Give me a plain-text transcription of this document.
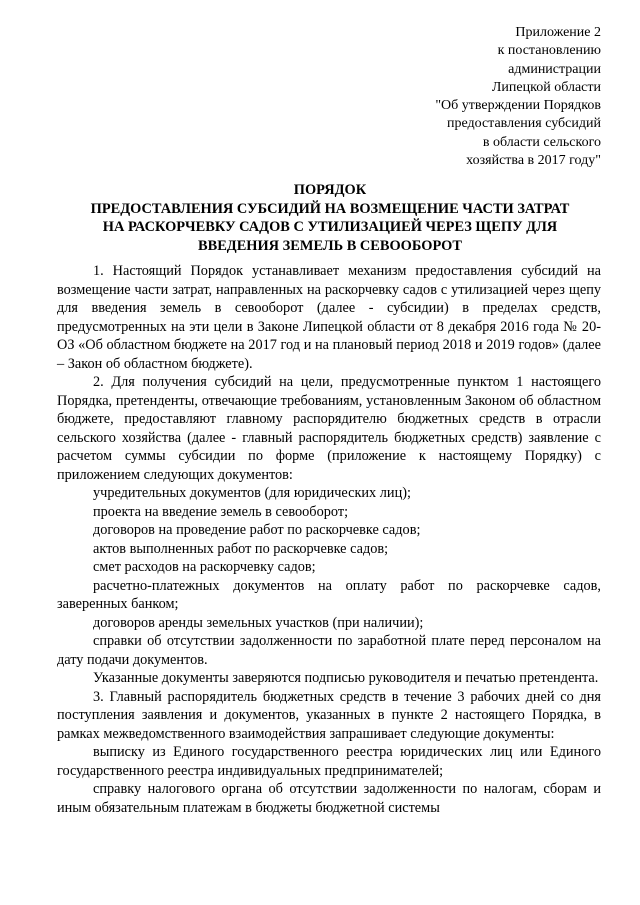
Приложение 2
к постановлению
администрации
Липецкой области
"Об утверждении Порядков
предоставления субсидий
в области сельского
хозяйства в 2017 году"
ПОРЯДОК
ПРЕДОСТАВЛЕНИЯ СУБСИДИЙ НА ВОЗМЕЩЕНИЕ ЧАСТИ ЗАТРАТ
НА РАСКОРЧЕВКУ САДОВ С УТИЛИЗАЦИЕЙ ЧЕРЕЗ ЩЕПУ ДЛЯ
ВВЕДЕНИЯ ЗЕМЕЛЬ В СЕВООБОРОТ

1. Настоящий Порядок устанавливает механизм предоставления субсидий на возмещение части затрат, направленных на раскорчевку садов с утилизацией через щепу для введения земель в севооборот (далее - субсидии) в пределах средств, предусмотренных на эти цели в Законе Липецкой области от 8 декабря 2016 года № 20-ОЗ «Об областном бюджете на 2017 год и на плановый период 2018 и 2019 годов» (далее – Закон об областном бюджете).

2. Для получения субсидий на цели, предусмотренные пунктом 1 настоящего Порядка, претенденты, отвечающие требованиям, установленным Законом об областном бюджете, предоставляют главному распорядителю бюджетных средств в отрасли сельского хозяйства (далее - главный распорядитель бюджетных средств) заявление с расчетом суммы субсидии по форме (приложение к настоящему Порядку) с приложением следующих документов:

учредительных документов (для юридических лиц);

проекта на введение земель в севооборот;

договоров на проведение работ по раскорчевке садов;

актов выполненных работ по раскорчевке садов;

смет расходов на раскорчевку садов;

расчетно-платежных документов на оплату работ по раскорчевке садов, заверенных банком;

договоров аренды земельных участков (при наличии);

справки об отсутствии задолженности по заработной плате перед персоналом на дату подачи документов.

Указанные документы заверяются подписью руководителя и печатью претендента.

3. Главный распорядитель бюджетных средств в течение 3 рабочих дней со дня поступления заявления и документов, указанных в пункте 2 настоящего Порядка, в рамках межведомственного взаимодействия запрашивает следующие документы:

выписку из Единого государственного реестра юридических лиц или Единого государственного реестра индивидуальных предпринимателей;

справку налогового органа об отсутствии задолженности по налогам, сборам и иным обязательным платежам в бюджеты бюджетной системы
